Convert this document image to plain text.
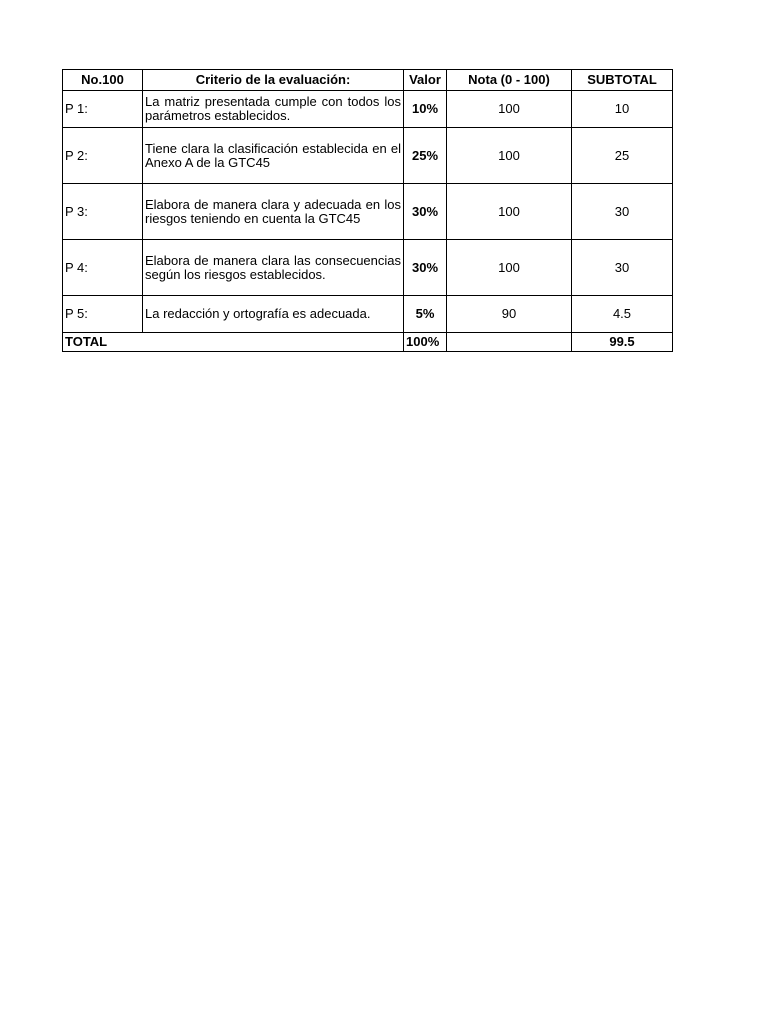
No.100	Criterio de la evaluación:	Valor	Nota (0 - 100)	SUBTOTAL
P 1:	La matriz presentada cumple con todos los parámetros establecidos.	10%	100	10
P 2:	Tiene clara la clasificación establecida en el Anexo A de la GTC45	25%	100	25
P 3:	Elabora de manera clara y adecuada en los riesgos teniendo en cuenta la GTC45	30%	100	30
P 4:	Elabora de manera clara las consecuencias según los riesgos establecidos.	30%	100	30
P 5:	La redacción y ortografía es adecuada.	5%	90	4.5
TOTAL		100%		99.5
